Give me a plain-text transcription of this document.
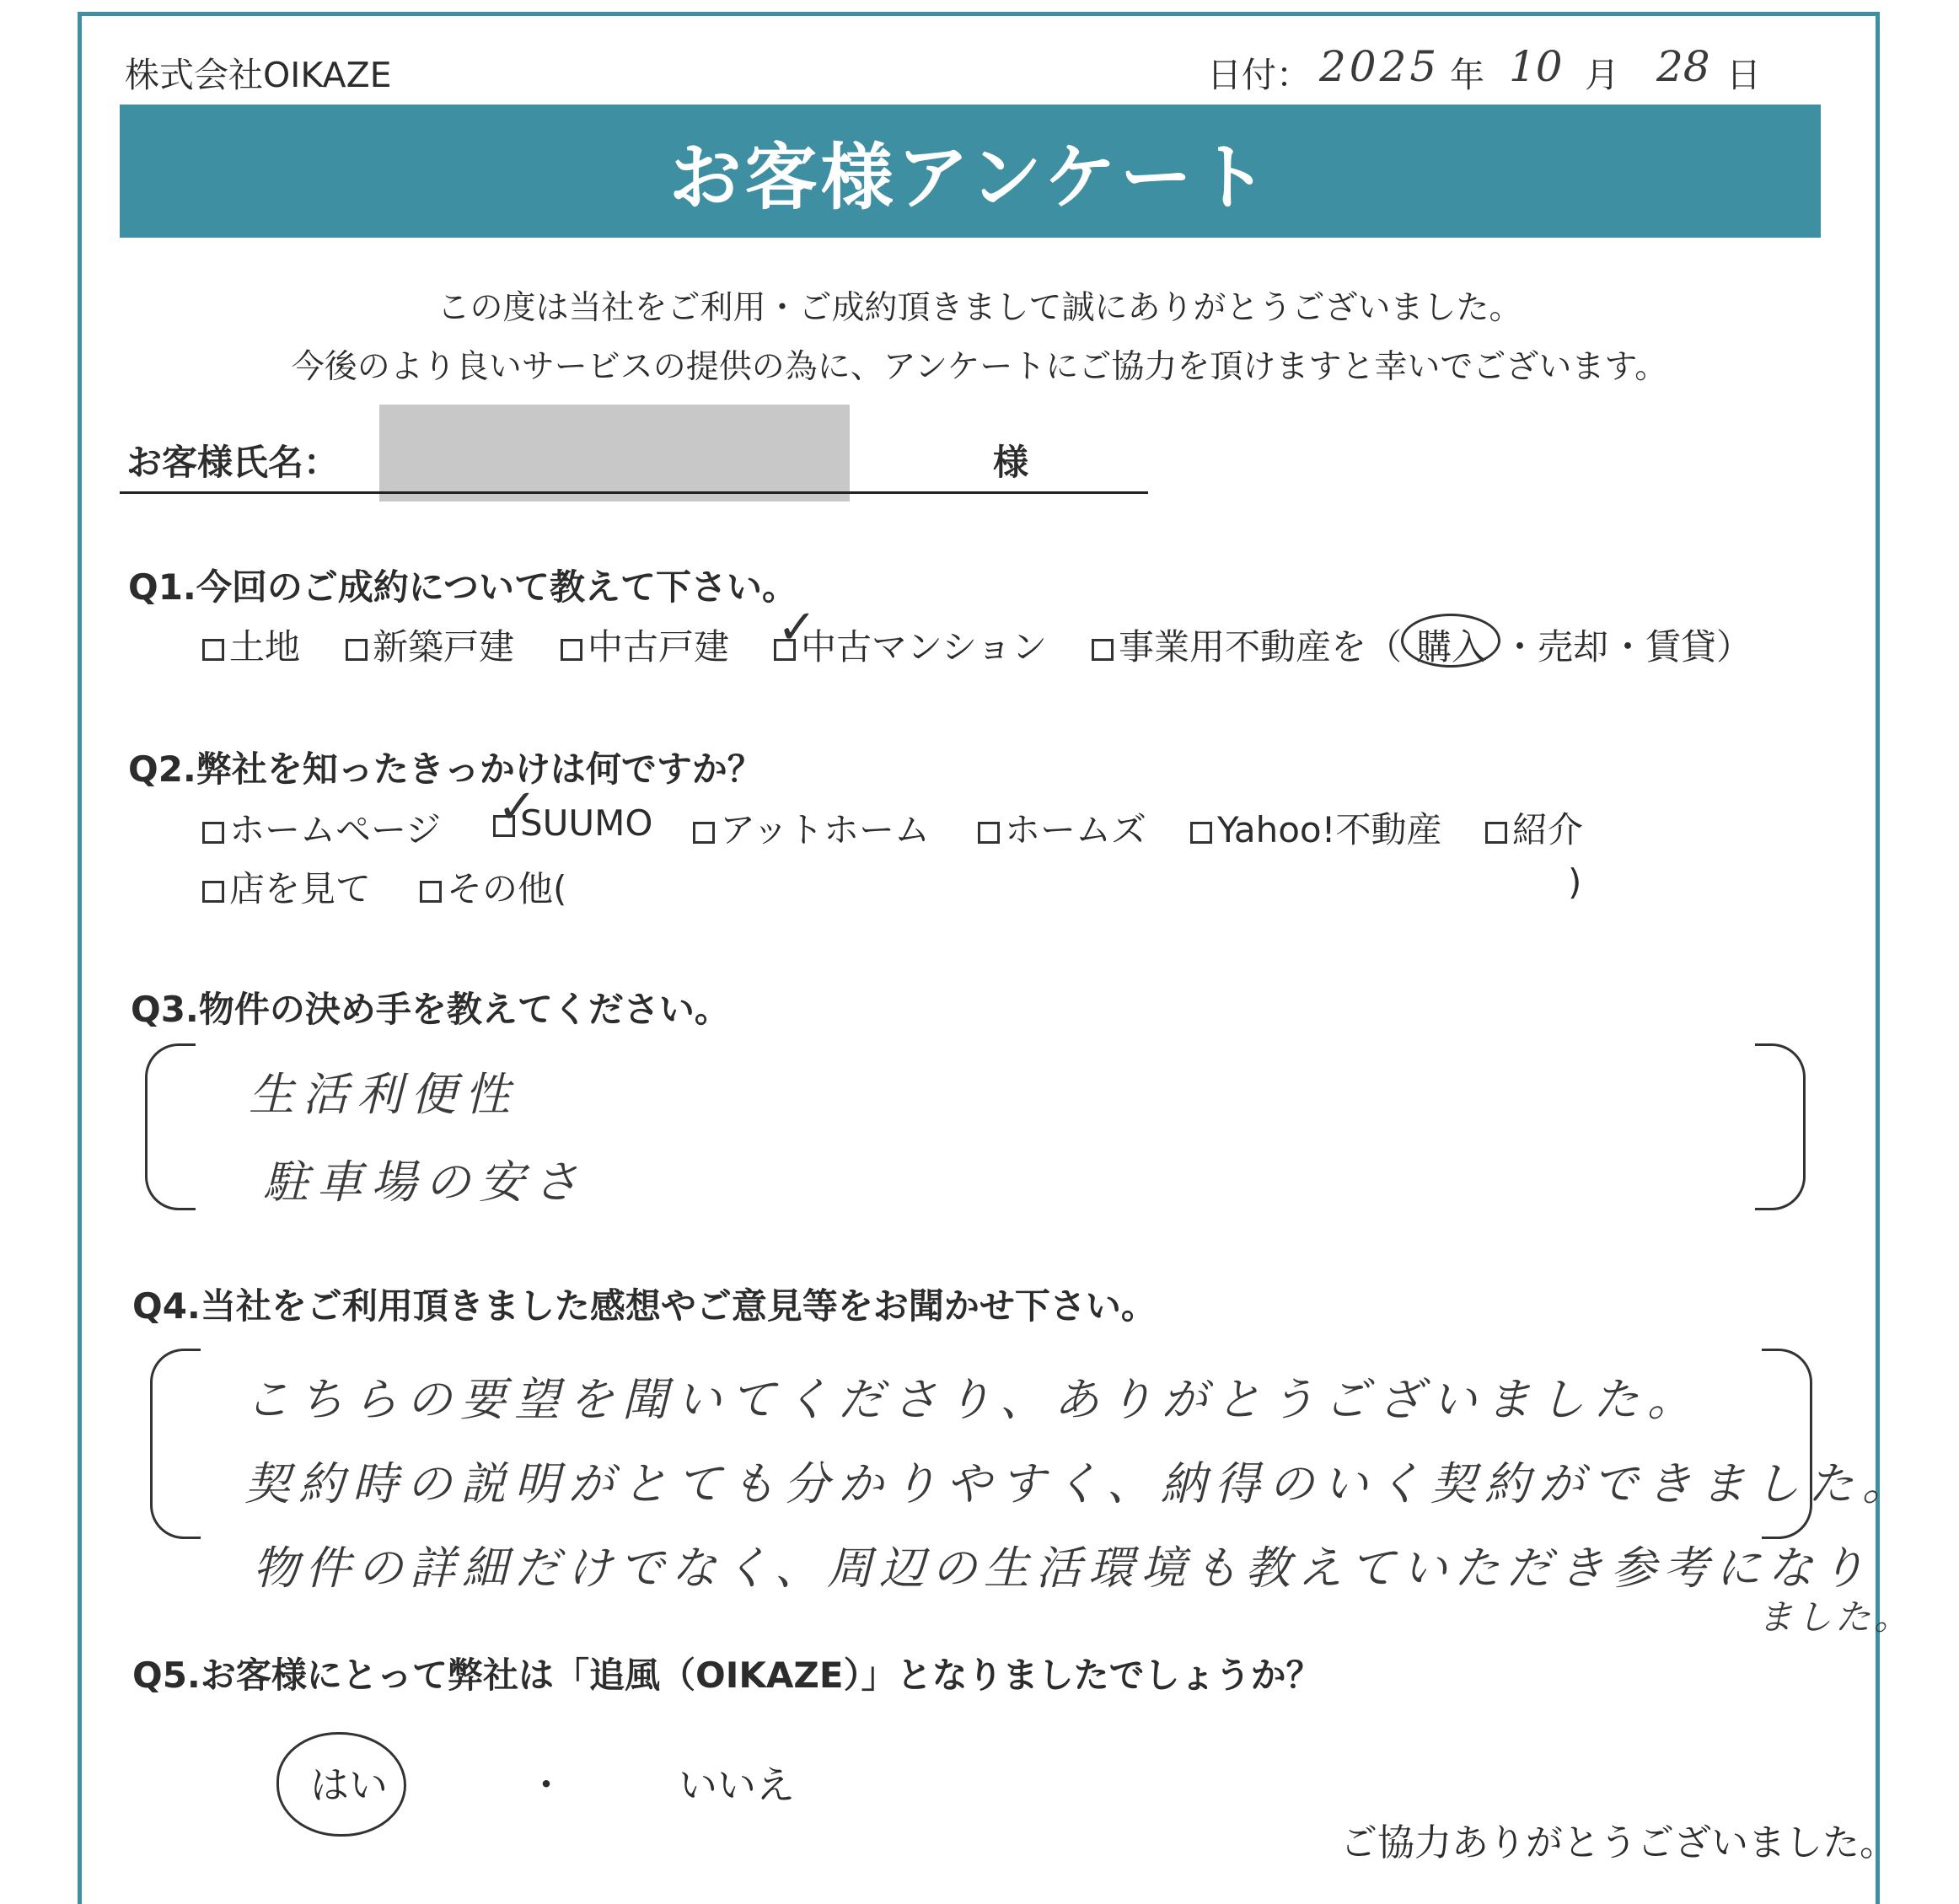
株式会社OIKAZE	日付： 2025 年 10 月 28 日
お客様アンケート
この度は当社をご利用・ご成約頂きまして誠にありがとうございました。
今後のより良いサービスの提供の為に、アンケートにご協力を頂けますと幸いでございます。
お客様氏名：	様
Q1.今回のご成約について教えて下さい。
土地	新築戸建	中古戸建	中古マンション
✓	事業用不動産を（ 購入 ・売却 ・賃貸）
Q2.弊社を知ったきっかけは何ですか？
ホームページ	SUUMO
✓	アットホーム	ホームズ	Yahoo!不動産	紹介
店を見て	その他(	)
Q3.物件の決め手を教えてください。
生活利便性
駐車場の安さ
Q4.当社をご利用頂きました感想やご意見等をお聞かせ下さい。
こちらの要望を聞いてくださり、ありがとうございました。
契約時の説明がとても分かりやすく、納得のいく契約ができました。
物件の詳細だけでなく、周辺の生活環境も教えていただき参考になり
ました。
Q5.お客様にとって弊社は「追風（OIKAZE）」となりましたでしょうか？
はい	・	いいえ
ご協力ありがとうございました。
